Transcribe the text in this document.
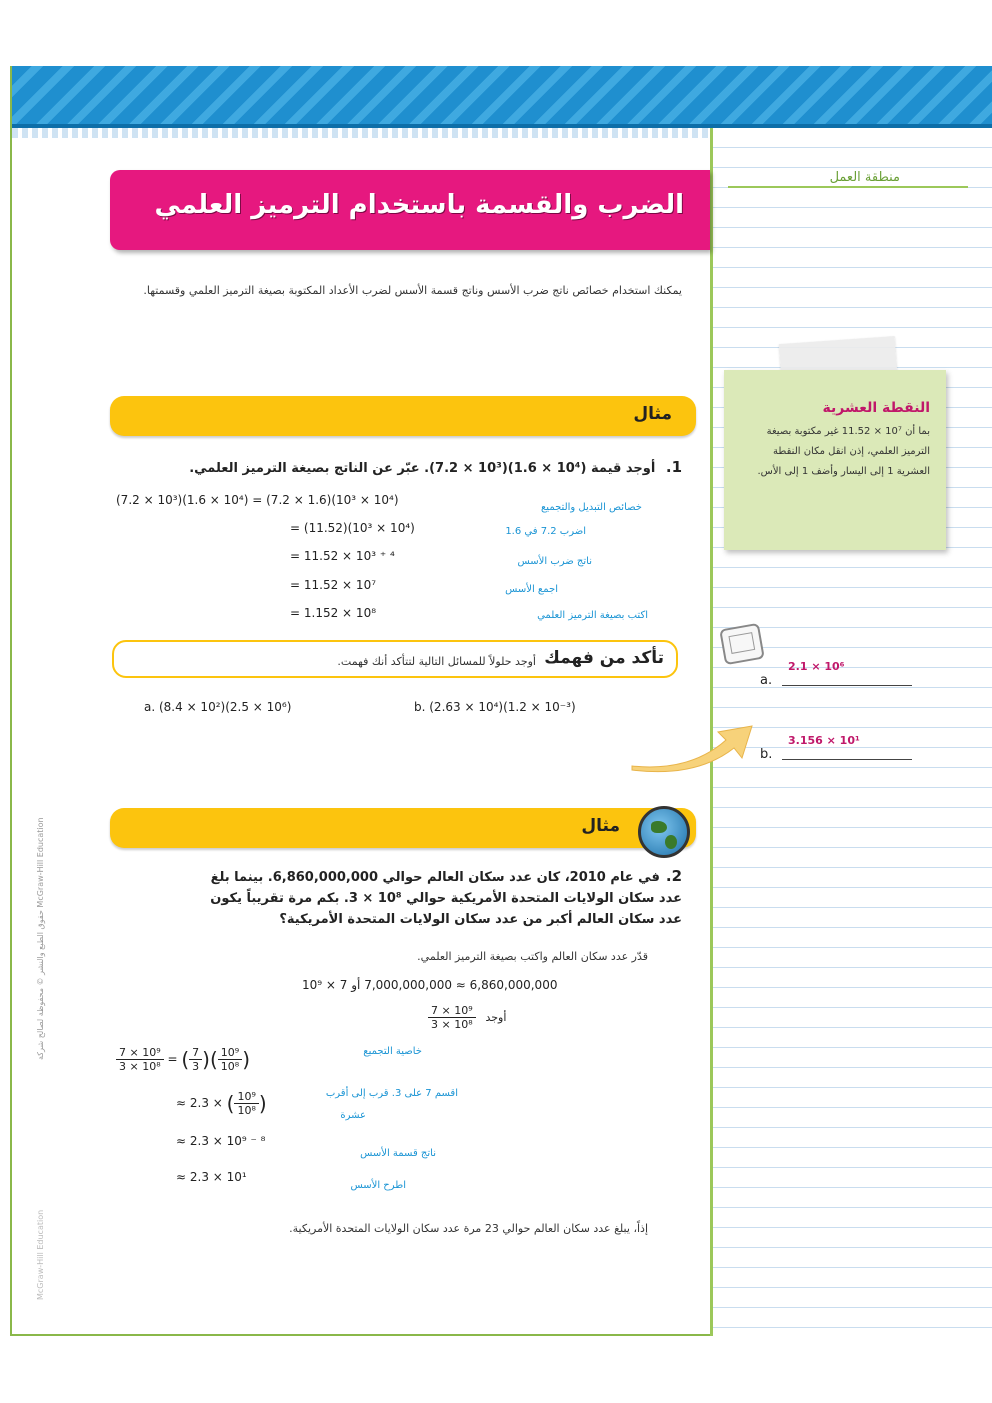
منطقة العمل
النقطة العشرية
بما أن 10⁷ × 11.52 غير مكتوبة بصيغة الترميز العلمي، إذن انقل مكان النقطة العشرية 1 إلى اليسار وأضف 1 إلى الأس.
2.1 × 10⁶
a.
3.156 × 10¹
b.
الضرب والقسمة باستخدام الترميز العلمي
يمكنك استخدام خصائص ناتج ضرب الأسس وناتج قسمة الأسس لضرب الأعداد المكتوبة بصيغة الترميز العلمي وقسمتها.
مثال
1. أوجد قيمة (10⁴ × 1.6)(10³ × 7.2). عبّر عن الناتج بصيغة الترميز العلمي.
(7.2 × 10³)(1.6 × 10⁴) = (7.2 × 1.6)(10³ × 10⁴)
= (11.52)(10³ × 10⁴)
= 11.52 × 10³ ⁺ ⁴
= 11.52 × 10⁷
= 1.152 × 10⁸
خصائص التبديل والتجميع
اضرب 7.2 في 1.6
ناتج ضرب الأسس
اجمع الأسس
اكتب بصيغة الترميز العلمي
تأكد من فهمك
أوجد حلولاً للمسائل التالية لتتأكد أنك فهمت.
a. (8.4 × 10²)(2.5 × 10⁶)	b. (2.63 × 10⁴)(1.2 × 10⁻³)
مثال
2.في عام 2010، كان عدد سكان العالم حوالي 6,860,000,000. بينما بلغ
عدد سكان الولايات المتحدة الأمريكية حوالي 10⁸ × 3. بكم مرة تقريباً يكون
عدد سكان العالم أكبر من عدد سكان الولايات المتحدة الأمريكية؟
قدّر عدد سكان العالم واكتب بصيغة الترميز العلمي.
6,860,000,000 ≈ 7,000,000,000 أو 7 × 10⁹
$\frac{\text{7 × 10⁹}}{\text{3 × 10⁸}}$ أوجد
$\frac{\text{7 × 10⁹}}{\text{3 × 10⁸}}$ = ( $\frac{7}{3}$ )( $\frac{\text{10⁹}}{\text{10⁸}}$ )
≈ 2.3 × ( $\frac{\text{10⁹}}{\text{10⁸}}$ )
≈ 2.3 × 10⁹ ⁻ ⁸
≈ 2.3 × 10¹
خاصية التجميع
اقسم 7 على 3. قرب إلى أقرب
عشرة
ناتج قسمة الأسس
اطرح الأسس
إذاً، يبلغ عدد سكان العالم حوالي 23 مرة عدد سكان الولايات المتحدة الأمريكية.
حقوق الطبع والنشر © محفوظة لصالح شركة McGraw-Hill Education
McGraw-Hill Education
